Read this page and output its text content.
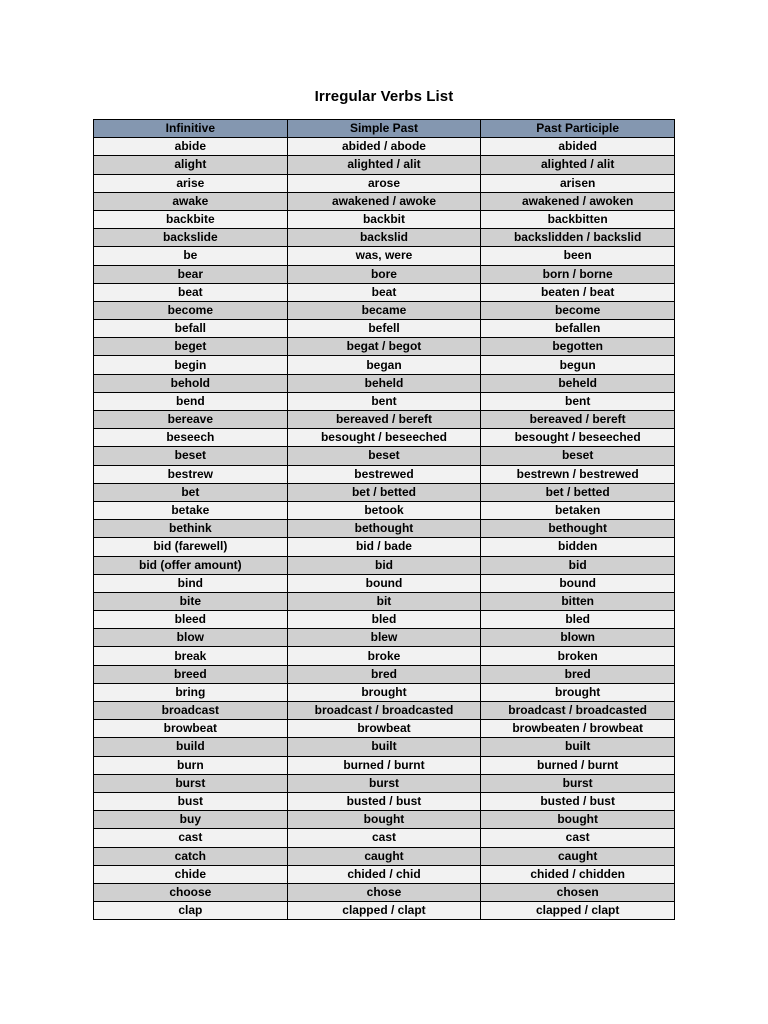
Irregular Verbs List
Infinitive	Simple Past	Past Participle
abide	abided / abode	abided
alight	alighted / alit	alighted / alit
arise	arose	arisen
awake	awakened / awoke	awakened / awoken
backbite	backbit	backbitten
backslide	backslid	backslidden / backslid
be	was, were	been
bear	bore	born / borne
beat	beat	beaten / beat
become	became	become
befall	befell	befallen
beget	begat / begot	begotten
begin	began	begun
behold	beheld	beheld
bend	bent	bent
bereave	bereaved / bereft	bereaved / bereft
beseech	besought / beseeched	besought / beseeched
beset	beset	beset
bestrew	bestrewed	bestrewn / bestrewed
bet	bet / betted	bet / betted
betake	betook	betaken
bethink	bethought	bethought
bid (farewell)	bid / bade	bidden
bid (offer amount)	bid	bid
bind	bound	bound
bite	bit	bitten
bleed	bled	bled
blow	blew	blown
break	broke	broken
breed	bred	bred
bring	brought	brought
broadcast	broadcast / broadcasted	broadcast / broadcasted
browbeat	browbeat	browbeaten / browbeat
build	built	built
burn	burned / burnt	burned / burnt
burst	burst	burst
bust	busted / bust	busted / bust
buy	bought	bought
cast	cast	cast
catch	caught	caught
chide	chided / chid	chided / chidden
choose	chose	chosen
clap	clapped / clapt	clapped / clapt
